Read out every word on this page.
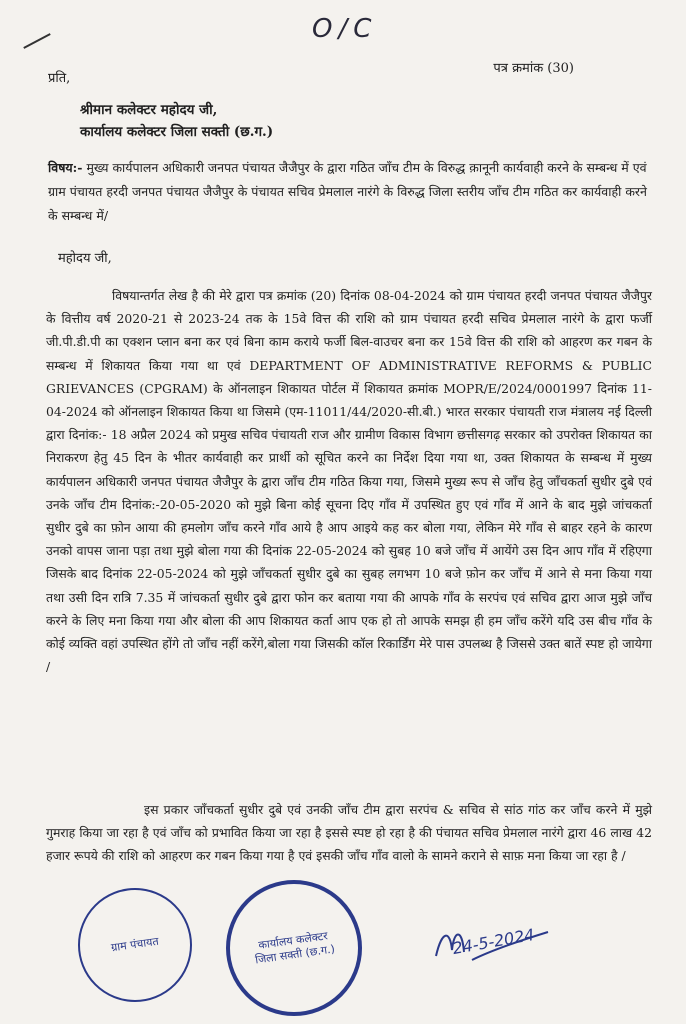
O/C
पत्र क्रमांक (30)
प्रति,
श्रीमान कलेक्टर महोदय जी,
कार्यालय कलेक्टर जिला सक्ती (छ.ग.)
विषय:- मुख्य कार्यपालन अधिकारी जनपत पंचायत जैजैपुर के द्वारा गठित जाँच टीम के विरुद्ध क़ानूनी कार्यवाही करने के सम्बन्ध में एवं ग्राम पंचायत हरदी जनपत पंचायत जैजैपुर के पंचायत सचिव प्रेमलाल नारंगे के विरुद्ध जिला स्तरीय जाँच टीम गठित कर कार्यवाही करने के सम्बन्ध में/
महोदय जी,
विषयान्तर्गत लेख है की मेरे द्वारा पत्र क्रमांक (20) दिनांक 08-04-2024 को ग्राम पंचायत हरदी जनपत पंचायत जैजैपुर के वित्तीय वर्ष 2020-21 से 2023-24 तक के 15वे वित्त की राशि को ग्राम पंचायत हरदी सचिव प्रेमलाल नारंगे के द्वारा फर्जी जी.पी.डी.पी का एक्शन प्लान बना कर एवं बिना काम कराये फर्जी बिल-वाउचर बना कर 15वे वित्त की राशि को आहरण कर गबन के सम्बन्ध में शिकायत किया गया था एवं DEPARTMENT OF ADMINISTRATIVE REFORMS & PUBLIC GRIEVANCES (CPGRAM) के ऑनलाइन शिकायत पोर्टल में शिकायत क्रमांक MOPR/E/2024/0001997 दिनांक 11-04-2024 को ऑनलाइन शिकायत किया था जिसमे (एम-11011/44/2020-सी.बी.) भारत सरकार पंचायती राज मंत्रालय नई दिल्ली द्वारा दिनांक:- 18 अप्रैल 2024 को प्रमुख सचिव पंचायती राज और ग्रामीण विकास विभाग छत्तीसगढ़ सरकार को उपरोक्त शिकायत का निराकरण हेतु 45 दिन के भीतर कार्यवाही कर प्रार्थी को सूचित करने का निर्देश दिया गया था, उक्त शिकायत के सम्बन्ध में मुख्य कार्यपालन अधिकारी जनपत पंचायत जैजैपुर के द्वारा जाँच टीम गठित किया गया, जिसमे मुख्य रूप से जाँच हेतु जाँचकर्ता सुधीर दुबे एवं उनके जाँच टीम दिनांक:-20-05-2020 को मुझे बिना कोई सूचना दिए गाँव में उपस्थित हुए एवं गाँव में आने के बाद मुझे जांचकर्ता सुधीर दुबे का फ़ोन आया की हमलोग जाँच करने गाँव आये है आप आइये कह कर बोला गया, लेकिन मेरे गाँव से बाहर रहने के कारण उनको वापस जाना पड़ा तथा मुझे बोला गया की दिनांक 22-05-2024 को सुबह 10 बजे जाँच में आयेंगे उस दिन आप गाँव में रहिएगा जिसके बाद दिनांक 22-05-2024 को मुझे जाँचकर्ता सुधीर दुबे का सुबह लगभग 10 बजे फ़ोन कर जाँच में आने से मना किया गया तथा उसी दिन रात्रि 7.35 में जांचकर्ता सुधीर दुबे द्वारा फोन कर बताया गया की आपके गाँव के सरपंच एवं सचिव द्वारा आज मुझे जाँच करने के लिए मना किया गया और बोला की आप शिकायत कर्ता आप एक हो तो आपके समझ ही हम जाँच करेंगे यदि उस बीच गाँव के कोई व्यक्ति वहां उपस्थित होंगे तो जाँच नहीं करेंगे,बोला गया जिसकी कॉल रिकार्डिंग मेरे पास उपलब्ध है जिससे उक्त बातें स्पष्ट हो जायेगा /
इस प्रकार जाँचकर्ता सुधीर दुबे एवं उनकी जाँच टीम द्वारा सरपंच & सचिव से सांठ गांठ कर जाँच करने में मुझे गुमराह किया जा रहा है एवं जाँच को प्रभावित किया जा रहा है इससे स्पष्ट हो रहा है की पंचायत सचिव प्रेमलाल नारंगे द्वारा 46 लाख 42 हजार रूपये की राशि को आहरण कर गबन किया गया है एवं इसकी जाँच गाँव वालो के सामने कराने से साफ़ मना किया जा रहा है /
ग्राम पंचायत	कार्यालय कलेक्टर
जिला सक्ती (छ.ग.)	24-5-2024
